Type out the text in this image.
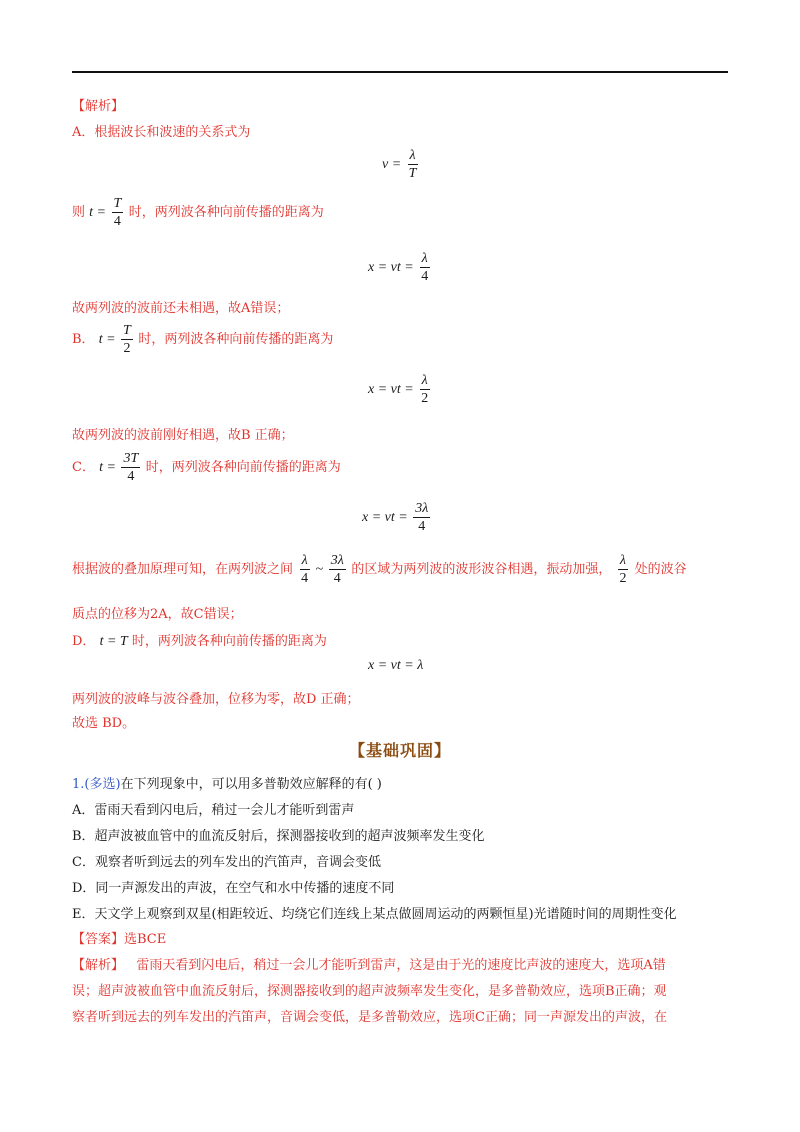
【解析】
A．根据波长和波速的关系式为
$v = \frac{\lambda}{T}$
则 $t = \frac{T}{4}$ 时，两列波各种向前传播的距离为
x = vt = $\frac{\lambda}{4}$
故两列波的波前还未相遇，故A错误；
B． $t = \frac{T}{2}$ 时，两列波各种向前传播的距离为
x = vt = $\frac{\lambda}{2}$
故两列波的波前刚好相遇，故B 正确；
C． $t = \frac{3T}{4}$ 时，两列波各种向前传播的距离为
x = vt = $\frac{3\lambda}{4}$
根据波的叠加原理可知，在两列波之间 $\frac{\lambda}{4}$ ~ $\frac{3\lambda}{4}$ 的区域为两列波的波形波谷相遇，振动加强， $\frac{\lambda}{2}$ 处的波谷
质点的位移为2A，故C错误；
D． t = T 时，两列波各种向前传播的距离为
x = vt = λ
两列波的波峰与波谷叠加，位移为零，故D 正确；
故选 BD。
【基础巩固】
1.(多选)在下列现象中，可以用多普勒效应解释的有( )
A．雷雨天看到闪电后，稍过一会儿才能听到雷声
B．超声波被血管中的血流反射后，探测器接收到的超声波频率发生变化
C．观察者听到远去的列车发出的汽笛声，音调会变低
D．同一声源发出的声波，在空气和水中传播的速度不同
E．天文学上观察到双星(相距较近、均绕它们连线上某点做圆周运动的两颗恒星)光谱随时间的周期性变化
【答案】选BCE
【解析】 雷雨天看到闪电后，稍过一会儿才能听到雷声，这是由于光的速度比声波的速度大，选项A错
误；超声波被血管中血流反射后，探测器接收到的超声波频率发生变化，是多普勒效应，选项B正确；观
察者听到远去的列车发出的汽笛声，音调会变低，是多普勒效应，选项C正确；同一声源发出的声波，在
